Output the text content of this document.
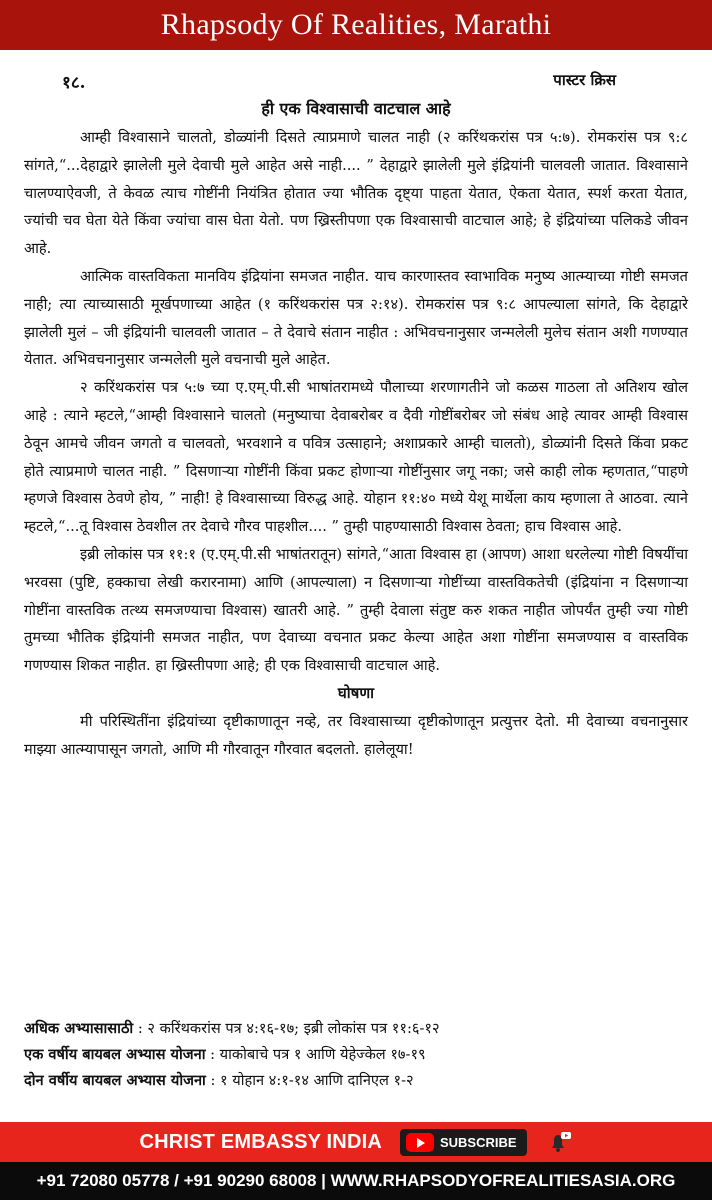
Rhapsody Of Realities, Marathi
१८.	पास्टर क्रिस
ही एक विश्वासाची वाटचाल आहे

आम्ही विश्वासाने चालतो, डोळ्यांनी दिसते त्याप्रमाणे चालत नाही (२ करिंथकरांस पत्र ५:७). रोमकरांस पत्र ९:८ सांगते,“...देहाद्वारे झालेली मुले देवाची मुले आहेत असे नाही.... ” देहाद्वारे झालेली मुले इंद्रियांनी चालवली जातात. विश्वासाने चालण्याऐवजी, ते केवळ त्याच गोष्टींनी नियंत्रित होतात ज्या भौतिक दृष्ट्या पाहता येतात, ऐकता येतात, स्पर्श करता येतात, ज्यांची चव घेता येते किंवा ज्यांचा वास घेता येतो. पण ख्रिस्तीपणा एक विश्वासाची वाटचाल आहे; हे इंद्रियांच्या पलिकडे जीवन आहे.

आत्मिक वास्तविकता मानविय इंद्रियांना समजत नाहीत. याच कारणास्तव स्वाभाविक मनुष्य आत्म्याच्या गोष्टी समजत नाही; त्या त्याच्यासाठी मूर्खपणाच्या आहेत (१ करिंथकरांस पत्र २:१४). रोमकरांस पत्र ९:८ आपल्याला सांगते, कि देहाद्वारे झालेली मुलं – जी इंद्रियांनी चालवली जातात – ते देवाचे संतान नाहीत : अभिवचनानुसार जन्मलेली मुलेच संतान अशी गणण्यात येतात. अभिवचनानुसार जन्मलेली मुले वचनाची मुले आहेत.

२ करिंथकरांस पत्र ५:७ च्या ए.एम्.पी.सी भाषांतरामध्ये पौलाच्या शरणागतीने जो कळस गाठला तो अतिशय खोल आहे : त्याने म्हटले,“आम्ही विश्वासाने चालतो (मनुष्याचा देवाबरोबर व दैवी गोष्टींबरोबर जो संबंध आहे त्यावर आम्ही विश्वास ठेवून आमचे जीवन जगतो व चालवतो, भरवशाने व पवित्र उत्साहाने; अशाप्रकारे आम्ही चालतो), डोळ्यांनी दिसते किंवा प्रकट होते त्याप्रमाणे चालत नाही. ” दिसणाऱ्या गोष्टींनी किंवा प्रकट होणाऱ्या गोष्टींनुसार जगू नका; जसे काही लोक म्हणतात,“पाहणे म्हणजे विश्वास ठेवणे होय, ” नाही! हे विश्वासाच्या विरुद्ध आहे. योहान ११:४० मध्ये येशू मार्थेला काय म्हणाला ते आठवा. त्याने म्हटले,“...तू विश्वास ठेवशील तर देवाचे गौरव पाहशील.... ” तुम्ही पाहण्यासाठी विश्वास ठेवता; हाच विश्वास आहे.

इब्री लोकांस पत्र ११:१ (ए.एम्.पी.सी भाषांतरातून) सांगते,“आता विश्वास हा (आपण) आशा धरलेल्या गोष्टी विषयींचा भरवसा (पुष्टि, हक्काचा लेखी करारनामा) आणि (आपल्याला) न दिसणाऱ्या गोष्टींच्या वास्तविकतेची (इंद्रियांना न दिसणाऱ्या गोष्टींना वास्तविक तत्थ्य समजण्याचा विश्वास) खातरी आहे. ” तुम्ही देवाला संतुष्ट करु शकत नाहीत जोपर्यंत तुम्ही ज्या गोष्टी तुमच्या भौतिक इंद्रियांनी समजत नाहीत, पण देवाच्या वचनात प्रकट केल्या आहेत अशा गोष्टींना समजण्यास व वास्तविक गणण्यास शिकत नाहीत. हा ख्रिस्तीपणा आहे; ही एक विश्वासाची वाटचाल आहे.

घोषणा

मी परिस्थितींना इंद्रियांच्या दृष्टीकाणातून नव्हे, तर विश्वासाच्या दृष्टीकोणातून प्रत्युत्तर देतो. मी देवाच्या वचनानुसार माझ्या आत्म्यापासून जगतो, आणि मी गौरवातून गौरवात बदलतो. हालेलूया!

अधिक अभ्यासासाठी : २ करिंथकरांस पत्र ४:१६-१७; इब्री लोकांस पत्र ११:६-१२
एक वर्षीय बायबल अभ्यास योजना : याकोबाचे पत्र १ आणि येहेज्केल १७-१९
दोन वर्षीय बायबल अभ्यास योजना : १ योहान ४:१-१४ आणि दानिएल १-२
CHRIST EMBASSY INDIA	SUBSCRIBE
+91 72080 05778 / +91 90290 68008 | WWW.RHAPSODYOFREALITIESASIA.ORG
